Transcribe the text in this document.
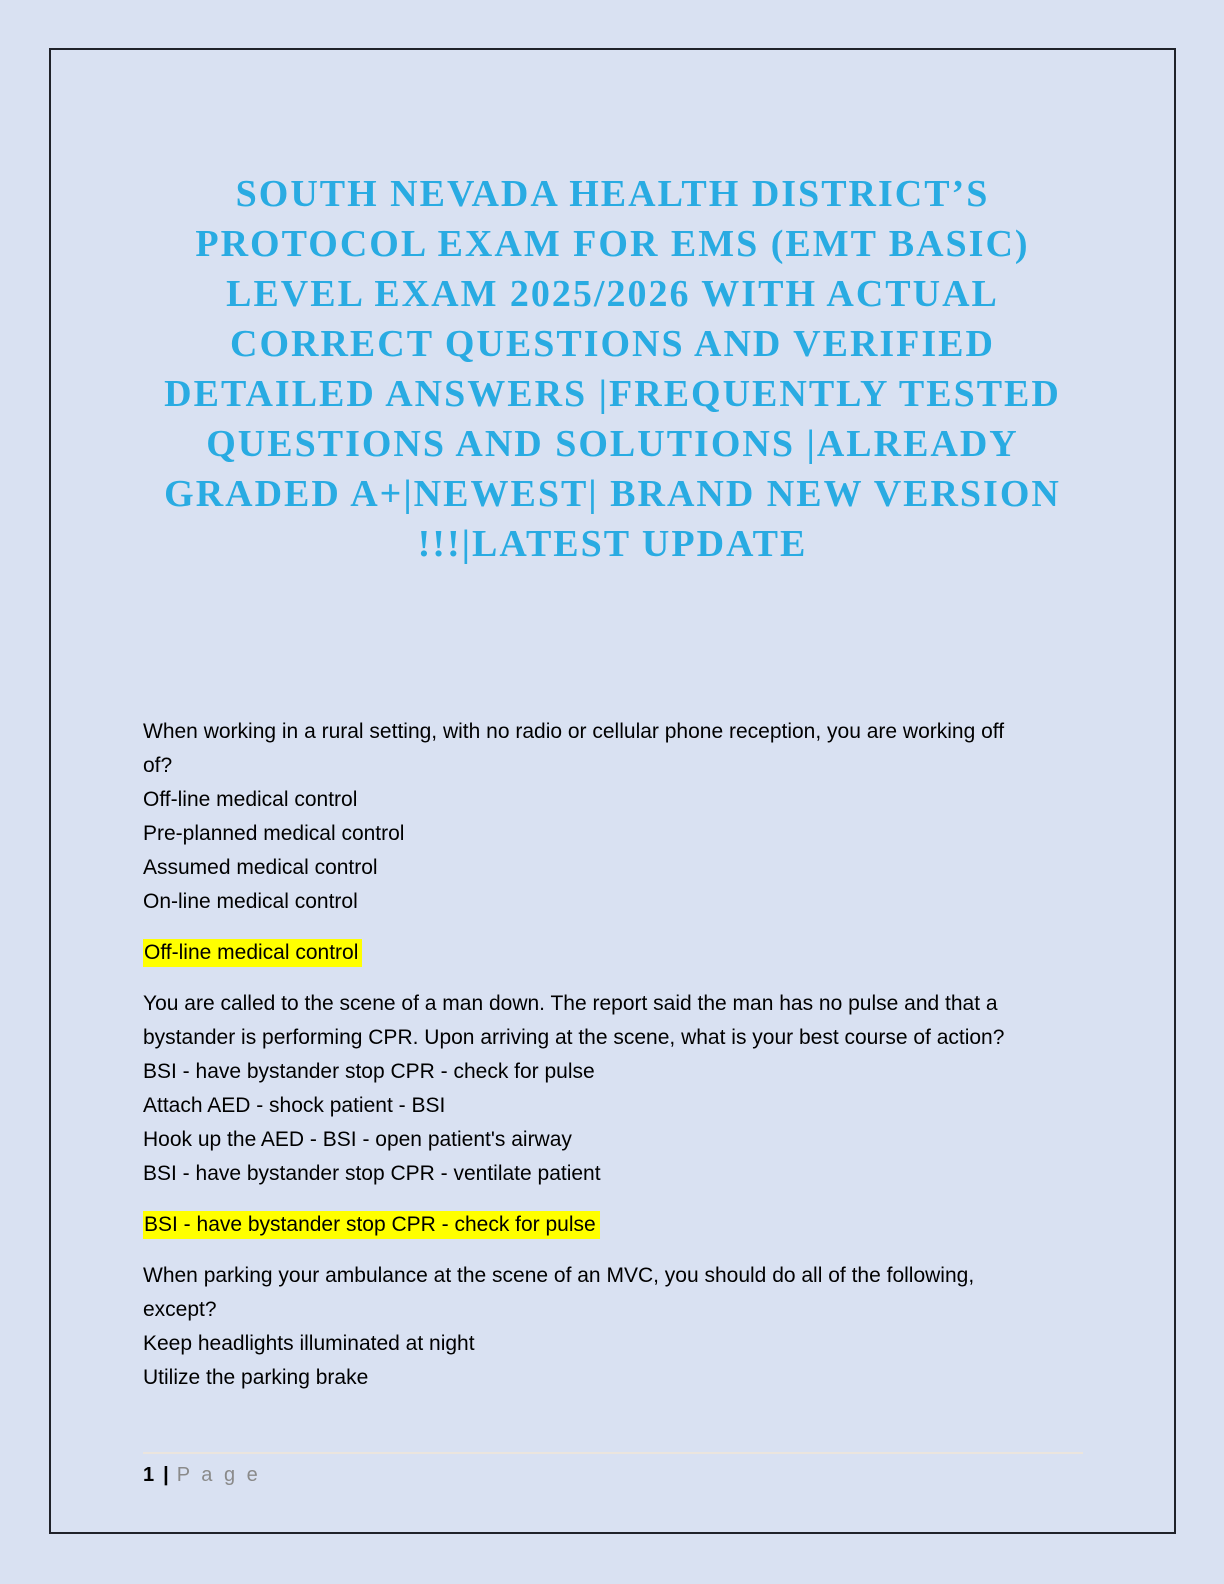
SOUTH NEVADA HEALTH DISTRICT’S
PROTOCOL EXAM FOR EMS (EMT BASIC)
LEVEL EXAM 2025/2026 WITH ACTUAL
CORRECT QUESTIONS AND VERIFIED
DETAILED ANSWERS |FREQUENTLY TESTED
QUESTIONS AND SOLUTIONS |ALREADY
GRADED A+|NEWEST| BRAND NEW VERSION
!!!|LATEST UPDATE

When working in a rural setting, with no radio or cellular phone reception, you are working off of?

Off-line medical control

Pre-planned medical control

Assumed medical control

On-line medical control

Off-line medical control

You are called to the scene of a man down. The report said the man has no pulse and that a bystander is performing CPR. Upon arriving at the scene, what is your best course of action?

BSI - have bystander stop CPR - check for pulse

Attach AED - shock patient - BSI

Hook up the AED - BSI - open patient's airway

BSI - have bystander stop CPR - ventilate patient

BSI - have bystander stop CPR - check for pulse

When parking your ambulance at the scene of an MVC, you should do all of the following, except?

Keep headlights illuminated at night

Utilize the parking brake

1 | P a g e
